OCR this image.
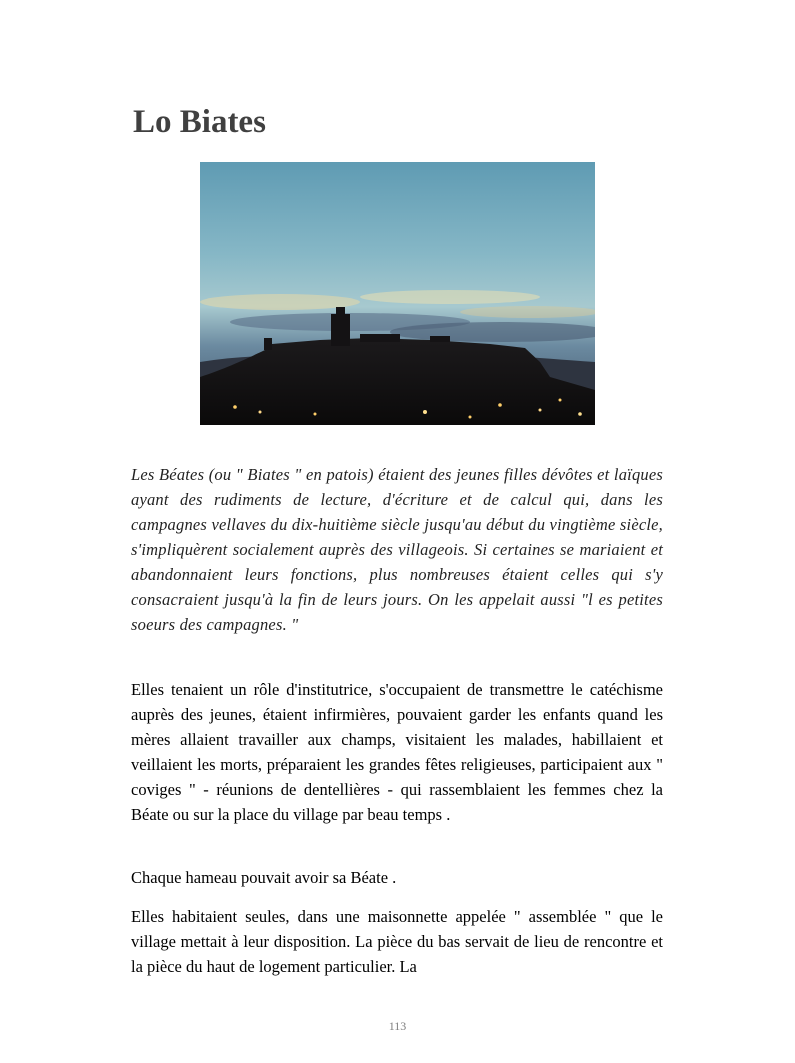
Lo Biates

Les Béates (ou " Biates " en patois) étaient des jeunes filles dévôtes et laïques ayant des rudiments de lecture, d'écriture et de calcul qui, dans les campagnes vellaves du dix-huitième siècle jusqu'au début du vingtième siècle, s'impliquèrent socialement auprès des villageois. Si certaines se mariaient et abandonnaient leurs fonctions, plus nombreuses étaient celles qui s'y consacraient jusqu'à la fin de leurs jours. On les appelait aussi "l es petites soeurs des campagnes. "

Elles tenaient un rôle d'institutrice, s'occupaient de transmettre le catéchisme auprès des jeunes, étaient infirmières, pouvaient garder les enfants quand les mères allaient travailler aux champs, visitaient les malades, habillaient et veillaient les morts, préparaient les grandes fêtes religieuses, participaient aux " coviges " - réunions de dentellières - qui rassemblaient les femmes chez la Béate ou sur la place du village par beau temps .

Chaque hameau pouvait avoir sa Béate .

Elles habitaient seules, dans une maisonnette appelée " assemblée " que le village mettait à leur disposition. La pièce du bas servait de lieu de rencontre et la pièce du haut de logement particulier. La

113
